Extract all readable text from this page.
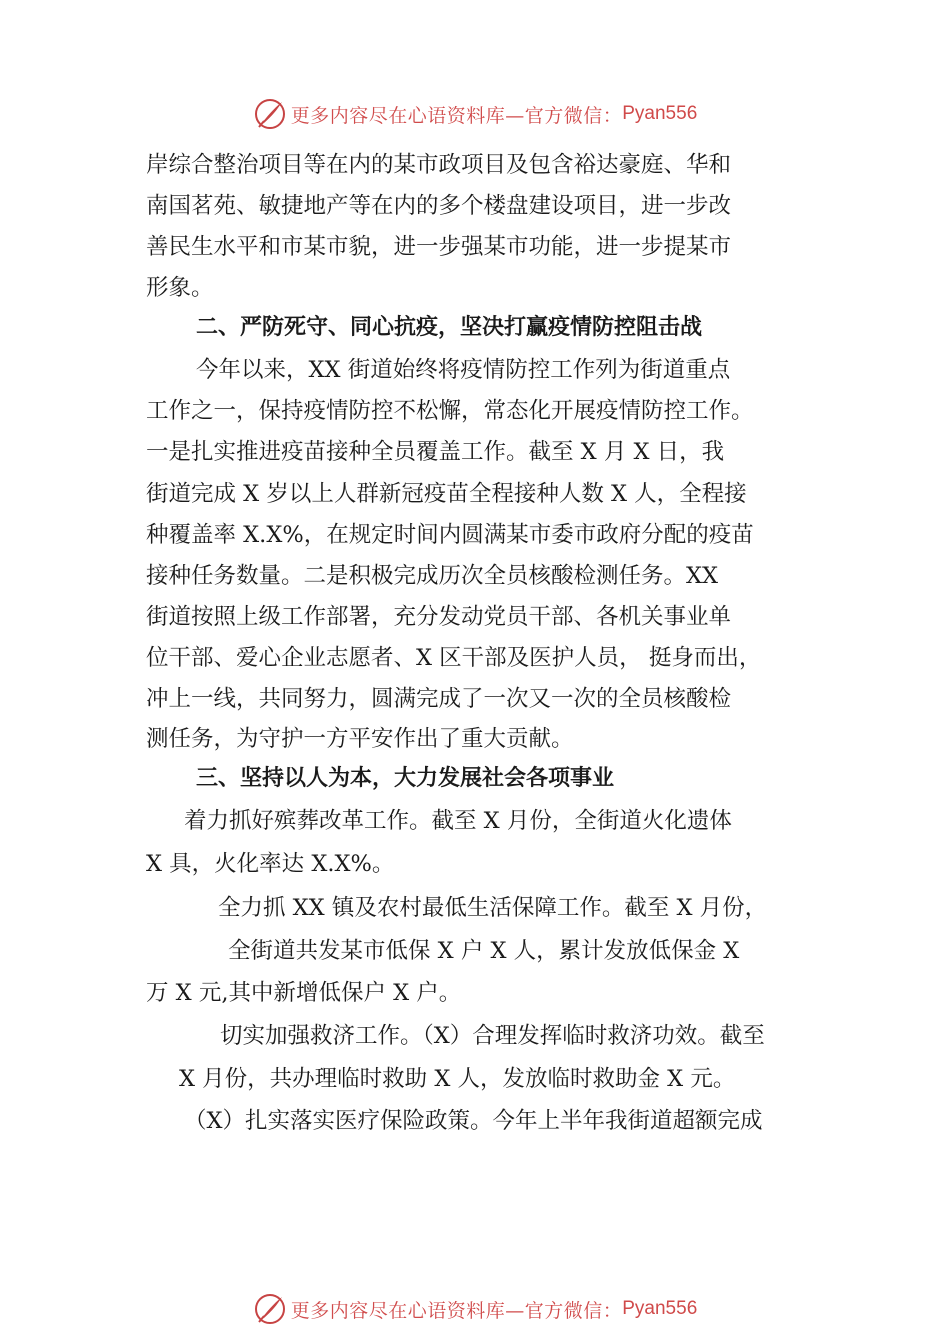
更多内容尽在心语资料库—官方微信： Pyan556
岸综合整治项目等在内的某市政项目及包含裕达豪庭、华和
南国茗苑、敏捷地产等在内的多个楼盘建设项目，进一步改
善民生水平和市某市貌，进一步强某市功能，进一步提某市
形象。
二、严防死守、同心抗疫，坚决打赢疫情防控阻击战
今年以来，XX 街道始终将疫情防控工作列为街道重点
工作之一，保持疫情防控不松懈，常态化开展疫情防控工作。
一是扎实推进疫苗接种全员覆盖工作。截至 X 月 X 日，我
街道完成 X 岁以上人群新冠疫苗全程接种人数 X 人，全程接
种覆盖率 X.X%，在规定时间内圆满某市委市政府分配的疫苗
接种任务数量。二是积极完成历次全员核酸检测任务。XX
街道按照上级工作部署，充分发动党员干部、各机关事业单
位干部、爱心企业志愿者、X 区干部及医护人员， 挺身而出，
冲上一线，共同努力，圆满完成了一次又一次的全员核酸检
测任务，为守护一方平安作出了重大贡献。
三、坚持以人为本，大力发展社会各项事业
着力抓好殡葬改革工作。截至 X 月份，全街道火化遗体
X 具，火化率达 X.X%。
全力抓 XX 镇及农村最低生活保障工作。截至 X 月份，
全街道共发某市低保 X 户 X 人，累计发放低保金 X
万 X 元,其中新增低保户 X 户。
切实加强救济工作。（X）合理发挥临时救济功效。截至
X 月份，共办理临时救助 X 人，发放临时救助金 X 元。
（X）扎实落实医疗保险政策。今年上半年我街道超额完成
更多内容尽在心语资料库—官方微信： Pyan556
